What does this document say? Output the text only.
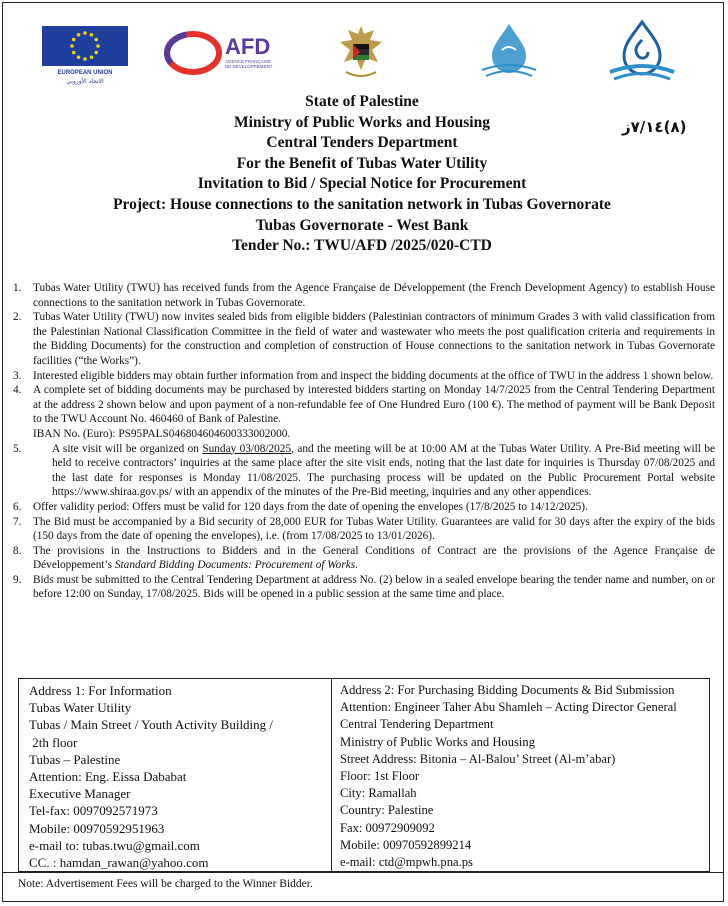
EUROPEAN UNION
الاتحاد الأوروبي
AFD
AGENCE FRANÇAISE
DE DÉVELOPPEMENT
State of Palestine
Ministry of Public Works and Housing
Central Tenders Department
For the Benefit of Tubas Water Utility
Invitation to Bid / Special Notice for Procurement
Project: House connections to the sanitation network in Tubas Governorate
Tubas Governorate - West Bank
Tender No.: TWU/AFD /2025/020-CTD
(٨)٧/١٤ز
1. Tubas Water Utility (TWU) has received funds from the Agence Française de Développement (the French Development Agency) to establish House connections to the sanitation network in Tubas Governorate.
2. Tubas Water Utility (TWU) now invites sealed bids from eligible bidders (Palestinian contractors of minimum Grades 3 with valid classification from the Palestinian National Classification Committee in the field of water and wastewater who meets the post qualification criteria and requirements in the Bidding Documents) for the construction and completion of construction of House connections to the sanitation network in Tubas Governorate facilities (“the Works”).
3. Interested eligible bidders may obtain further information from and inspect the bidding documents at the office of TWU in the address 1 shown below.
4. A complete set of bidding documents may be purchased by interested bidders starting on Monday 14/7/2025 from the Central Tendering Department at the address 2 shown below and upon payment of a non-refundable fee of One Hundred Euro (100 €). The method of payment will be Bank Deposit to the TWU Account No. 460460 of Bank of Palestine.
IBAN No. (Euro): PS95PALS046804604600333002000.
5.	A site visit will be organized on Sunday 03/08/2025, and the meeting will be at 10:00 AM at the Tubas Water Utility. A Pre-Bid meeting will be held to receive contractors’ inquiries at the same place after the site visit ends, noting that the last date for inquiries is Thursday 07/08/2025 and the last date for responses is Monday 11/08/2025. The purchasing process will be updated on the Public Procurement Portal website https://www.shiraa.gov.ps/ with an appendix of the minutes of the Pre-Bid meeting, inquiries and any other appendices.
6. Offer validity period: Offers must be valid for 120 days from the date of opening the envelopes (17/8/2025 to 14/12/2025).
7. The Bid must be accompanied by a Bid security of 28,000 EUR for Tubas Water Utility. Guarantees are valid for 30 days after the expiry of the bids (150 days from the date of opening the envelopes), i.e. (from 17/08/2025 to 13/01/2026).
8. The provisions in the Instructions to Bidders and in the General Conditions of Contract are the provisions of the Agence Française de Développement’s Standard Bidding Documents: Procurement of Works.
9. Bids must be submitted to the Central Tendering Department at address No. (2) below in a sealed envelope bearing the tender name and number, on or before 12:00 on Sunday, 17/08/2025. Bids will be opened in a public session at the same time and place.
Address 1: For Information
Tubas Water Utility
Tubas / Main Street / Youth Activity Building /
2th floor
Tubas – Palestine
Attention: Eng. Eissa Dababat
Executive Manager
Tel-fax: 0097092571973
Mobile: 00970592951963
e-mail to: tubas.twu@gmail.com
CC. : hamdan_rawan@yahoo.com
Address 2: For Purchasing Bidding Documents & Bid Submission
Attention: Engineer Taher Abu Shamleh – Acting Director General
Central Tendering Department
Ministry of Public Works and Housing
Street Address: Bitonia – Al-Balou’ Street (Al-m’abar)
Floor: 1st Floor
City: Ramallah
Country: Palestine
Fax: 00972909092
Mobile: 00970592899214
e-mail: ctd@mpwh.pna.ps
Note: Advertisement Fees will be charged to the Winner Bidder.
